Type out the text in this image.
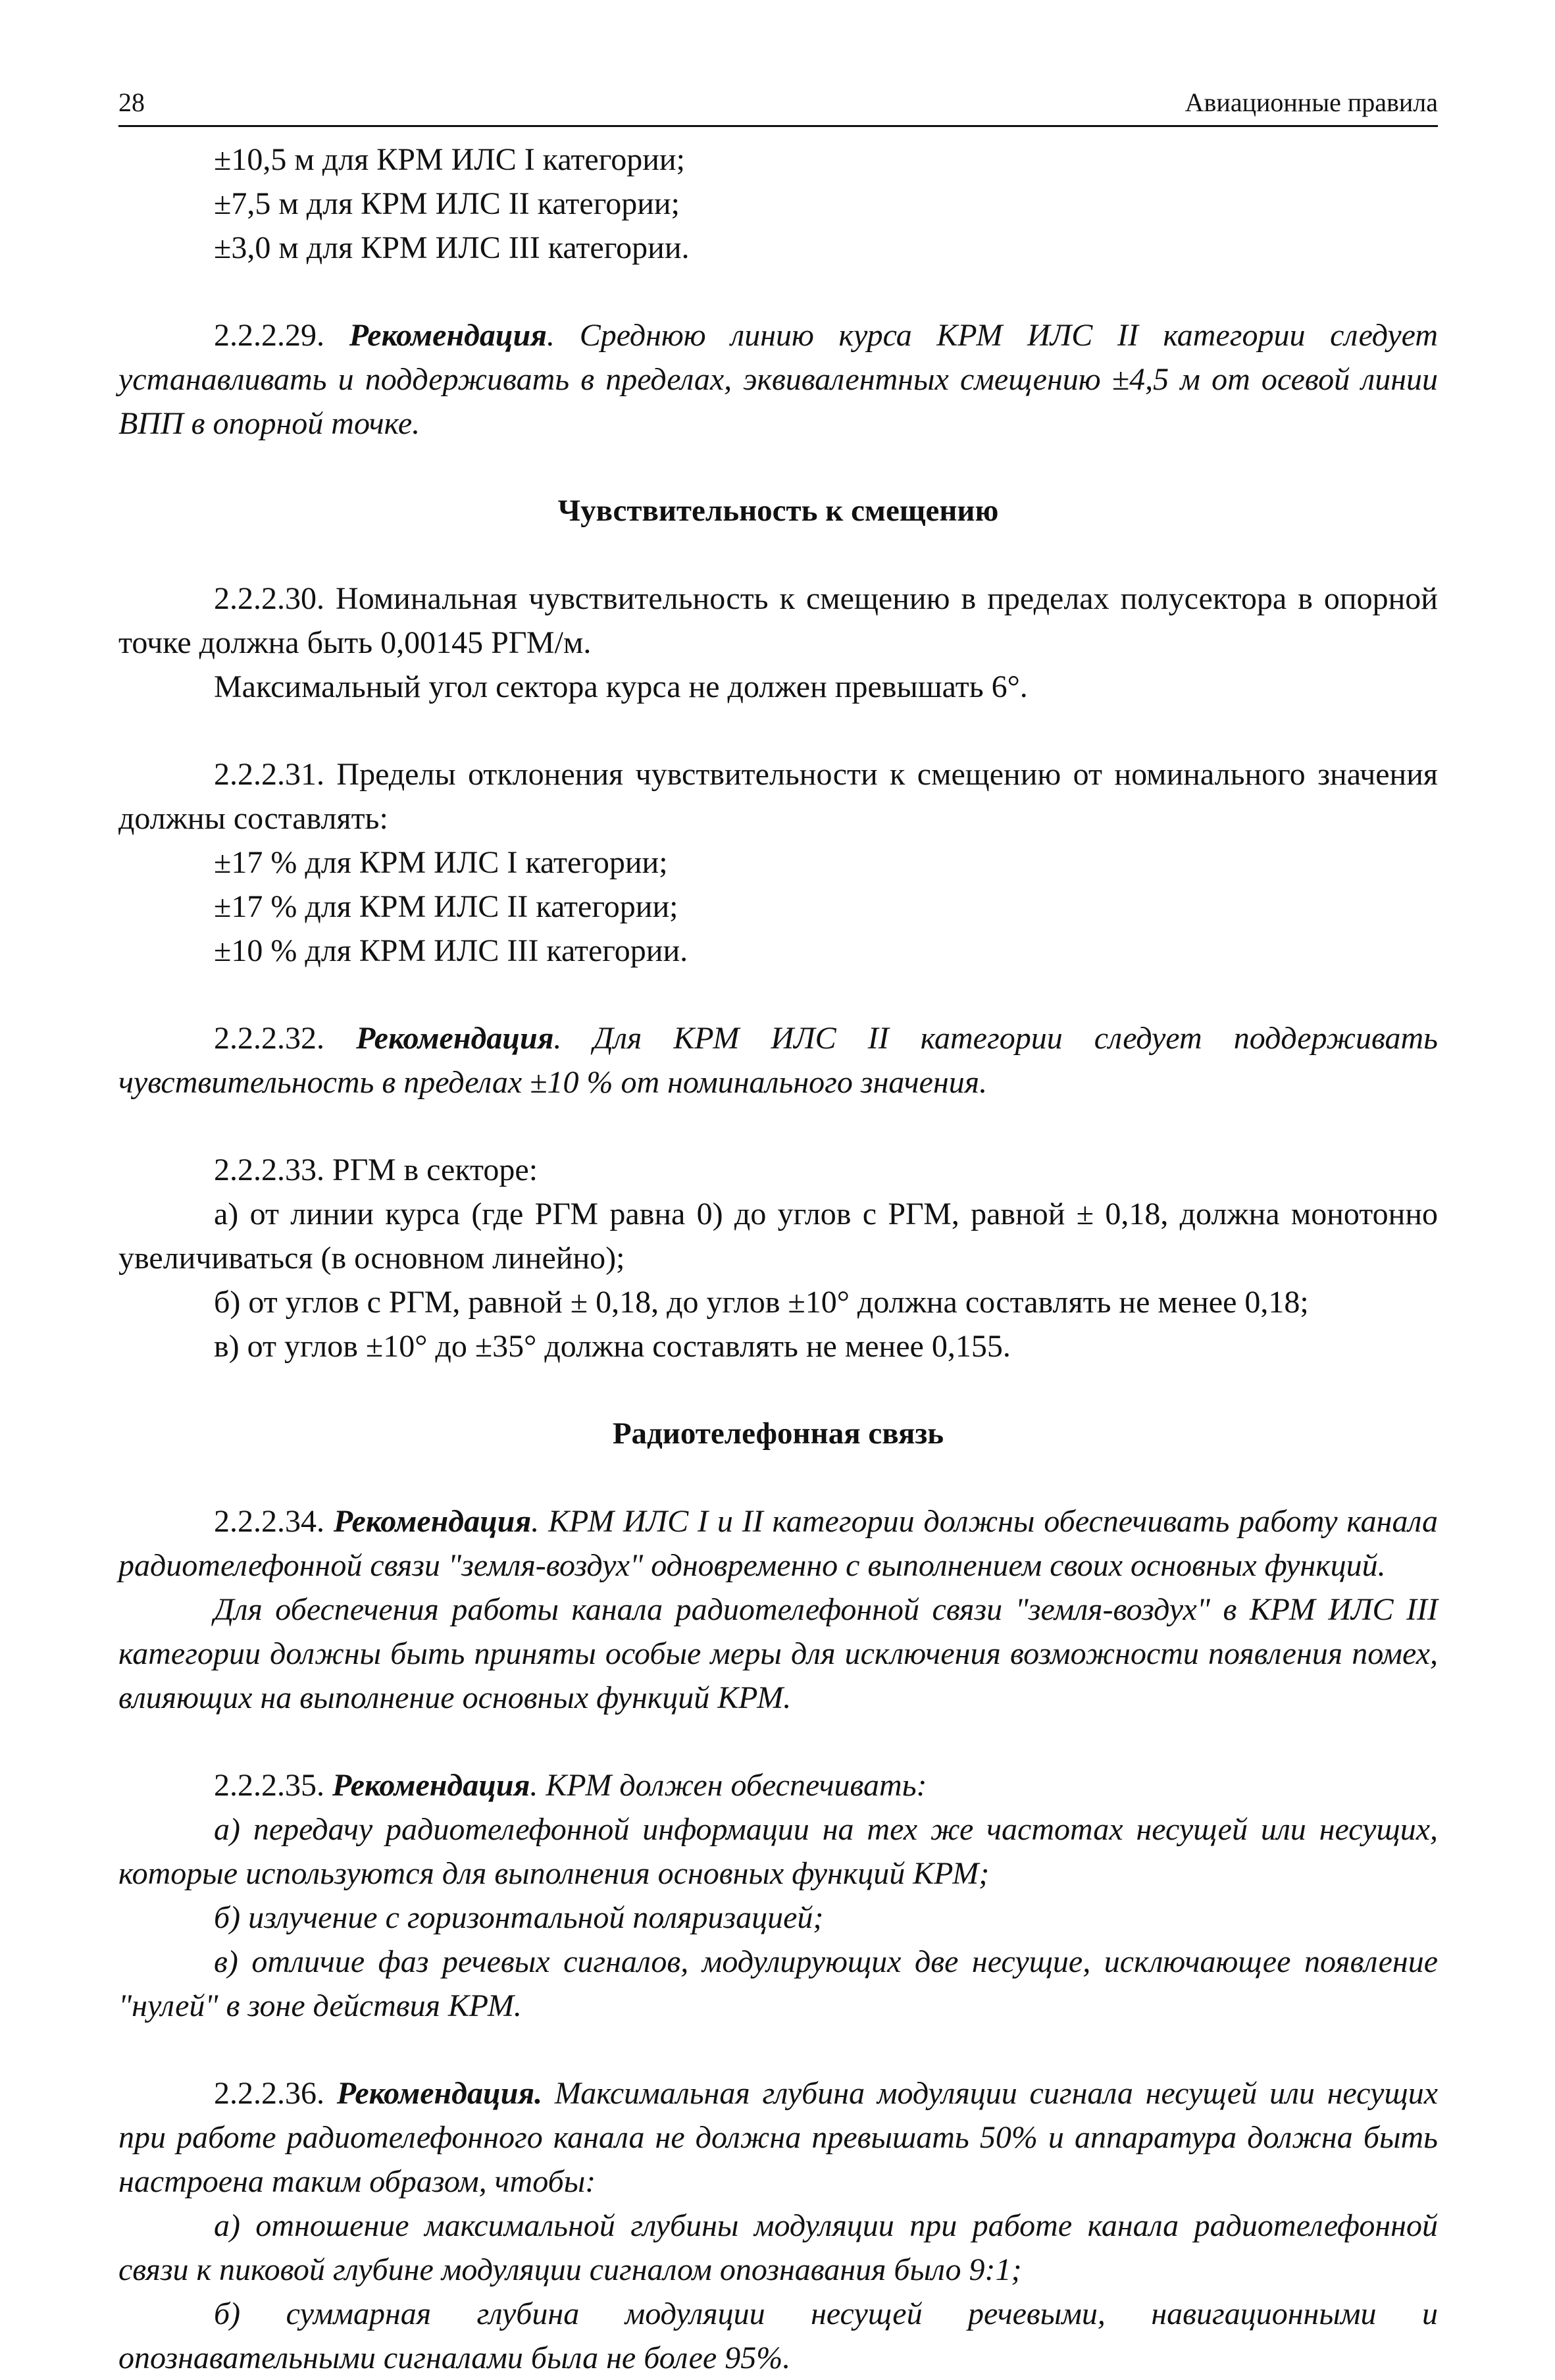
28	Авиационные правила
±10,5 м для КРМ ИЛС I категории;
±7,5 м для КРМ ИЛС II категории;
±3,0 м для КРМ ИЛС III категории.

2.2.2.29. Рекомендация. Среднюю линию курса КРМ ИЛС II категории следует устанавливать и поддерживать в пределах, эквивалентных смещению ±4,5 м от осевой линии ВПП в опорной точке.

Чувствительность к смещению

2.2.2.30. Номинальная чувствительность к смещению в пределах полусектора в опорной точке должна быть 0,00145 РГМ/м.

Максимальный угол сектора курса не должен превышать 6°.

2.2.2.31. Пределы отклонения чувствительности к смещению от номинального значения должны составлять:

±17 % для КРМ ИЛС I категории;
±17 % для КРМ ИЛС II категории;
±10 % для КРМ ИЛС III категории.

2.2.2.32. Рекомендация. Для КРМ ИЛС II категории следует поддерживать чувствительность в пределах ±10 % от номинального значения.

2.2.2.33. РГМ в секторе:

а) от линии курса (где РГМ равна 0) до углов с РГМ, равной ± 0,18, должна монотонно увеличиваться (в основном линейно);

б) от углов с РГМ, равной ± 0,18, до углов ±10° должна составлять не менее 0,18;

в) от углов ±10° до ±35° должна составлять не менее 0,155.

Радиотелефонная связь

2.2.2.34. Рекомендация. КРМ ИЛС I и II категории должны обеспечивать работу канала радиотелефонной связи "земля-воздух" одновременно с выполнением своих основных функций.

Для обеспечения работы канала радиотелефонной связи "земля-воздух" в КРМ ИЛС III категории должны быть приняты особые меры для исключения возможности появления помех, влияющих на выполнение основных функций КРМ.

2.2.2.35. Рекомендация. КРМ должен обеспечивать:

а) передачу радиотелефонной информации на тех же частотах несущей или несущих, которые используются для выполнения основных функций КРМ;

б) излучение с горизонтальной поляризацией;

в) отличие фаз речевых сигналов, модулирующих две несущие, исключающее появление "нулей" в зоне действия КРМ.

2.2.2.36. Рекомендация. Максимальная глубина модуляции сигнала несущей или несущих при работе радиотелефонного канала не должна превышать 50% и аппаратура должна быть настроена таким образом, чтобы:

а) отношение максимальной глубины модуляции при работе канала радиотелефонной связи к пиковой глубине модуляции сигналом опознавания было 9:1;

б) суммарная глубина модуляции несущей речевыми, навигационными и опознавательными сигналами была не более 95%.
